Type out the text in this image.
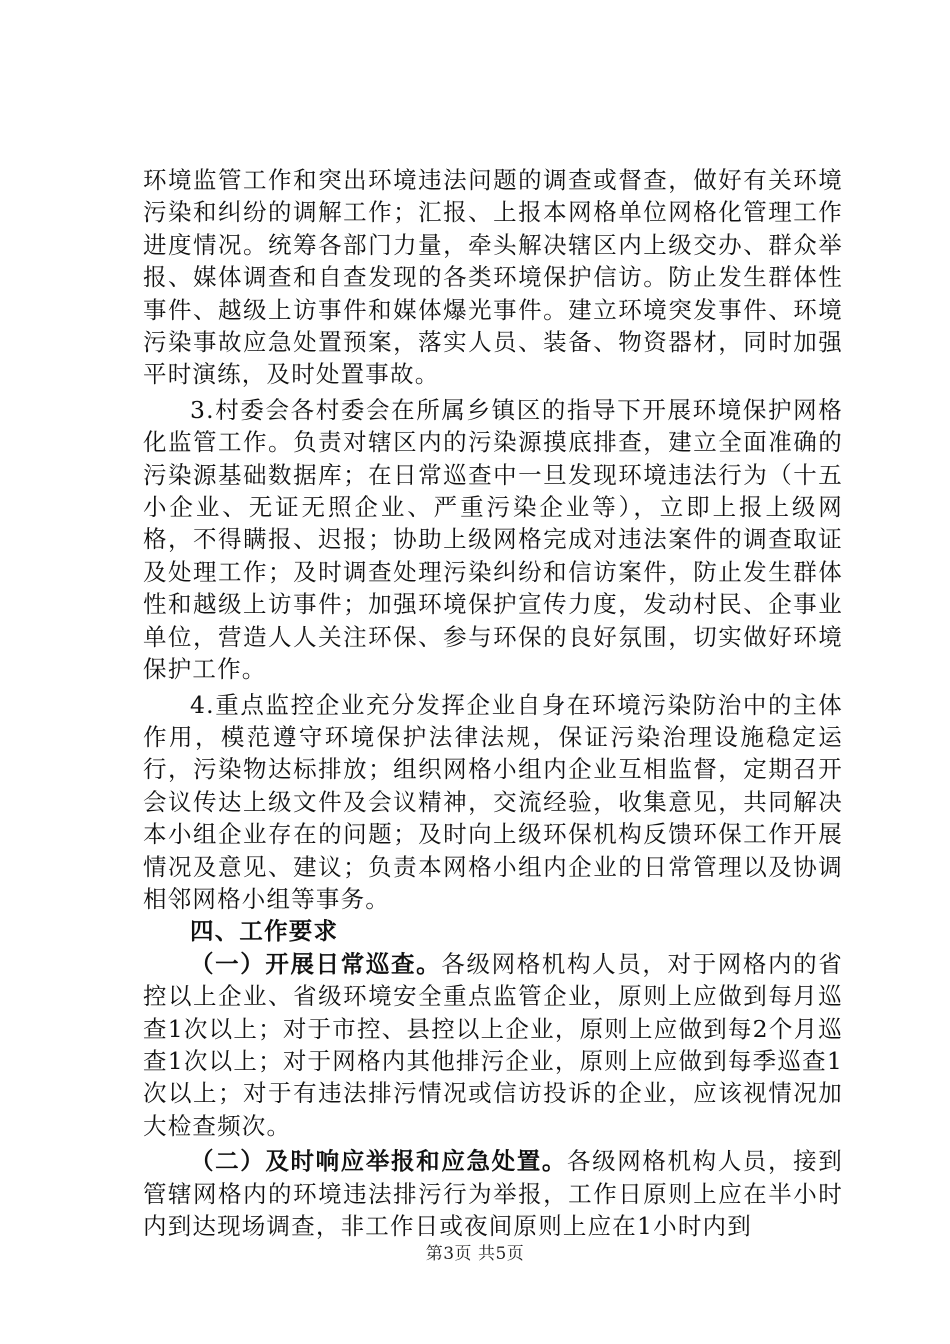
环境监管工作和突出环境违法问题的调查或督查，做好有关环境污染和纠纷的调解工作；汇报、上报本网格单位网格化管理工作进度情况。统筹各部门力量，牵头解决辖区内上级交办、群众举报、媒体调查和自查发现的各类环境保护信访。防止发生群体性事件、越级上访事件和媒体爆光事件。建立环境突发事件、环境污染事故应急处置预案，落实人员、装备、物资器材，同时加强平时演练，及时处置事故。

3.村委会各村委会在所属乡镇区的指导下开展环境保护网格化监管工作。负责对辖区内的污染源摸底排查，建立全面准确的污染源基础数据库；在日常巡查中一旦发现环境违法行为（十五小企业、无证无照企业、严重污染企业等），立即上报上级网格，不得瞒报、迟报；协助上级网格完成对违法案件的调查取证及处理工作；及时调查处理污染纠纷和信访案件，防止发生群体性和越级上访事件；加强环境保护宣传力度，发动村民、企事业单位，营造人人关注环保、参与环保的良好氛围，切实做好环境保护工作。

4.重点监控企业充分发挥企业自身在环境污染防治中的主体作用，模范遵守环境保护法律法规，保证污染治理设施稳定运行，污染物达标排放；组织网格小组内企业互相监督，定期召开会议传达上级文件及会议精神，交流经验，收集意见，共同解决本小组企业存在的问题；及时向上级环保机构反馈环保工作开展情况及意见、建议；负责本网格小组内企业的日常管理以及协调相邻网格小组等事务。

四、工作要求

（一）开展日常巡查。各级网格机构人员，对于网格内的省控以上企业、省级环境安全重点监管企业，原则上应做到每月巡查1次以上；对于市控、县控以上企业，原则上应做到每2个月巡查1次以上；对于网格内其他排污企业，原则上应做到每季巡查1次以上；对于有违法排污情况或信访投诉的企业，应该视情况加大检查频次。

（二）及时响应举报和应急处置。各级网格机构人员，接到管辖网格内的环境违法排污行为举报，工作日原则上应在半小时内到达现场调查，非工作日或夜间原则上应在1小时内到

第3页 共5页
